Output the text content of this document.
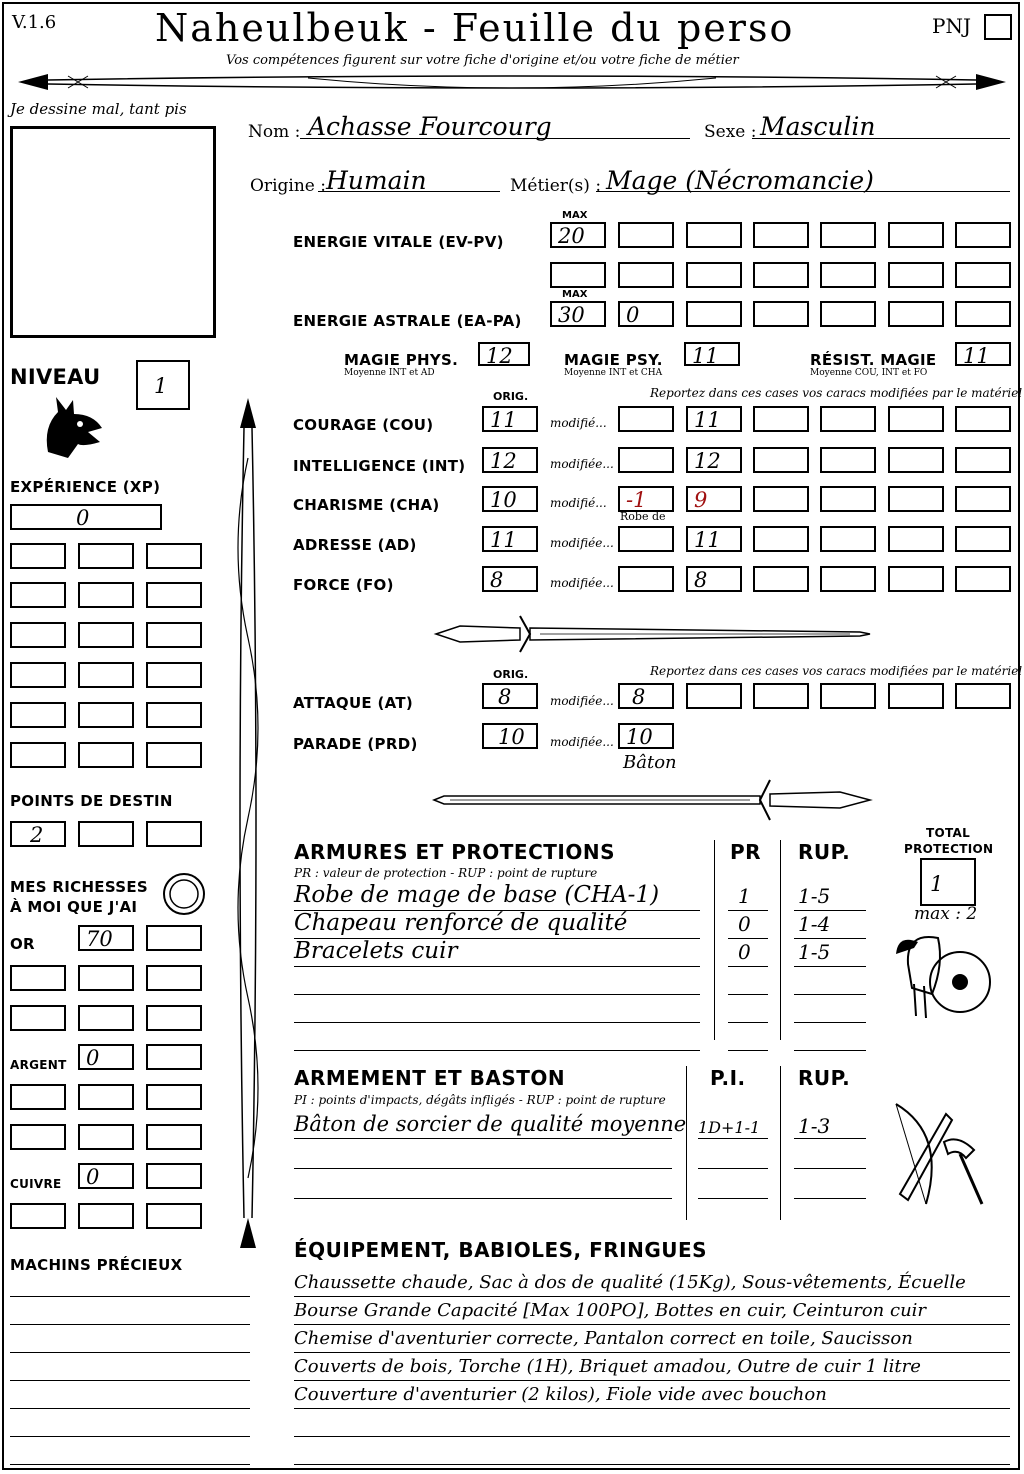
V.1.6	Naheulbeuk - Feuille du perso
Vos compétences figurent sur votre fiche d'origine et/ou votre fiche de métier
PNJ
Je dessine mal, tant pis
Nom : Achasse Fourcourg	Sexe : Masculin
Origine : Humain	Métier(s) : Mage (Nécromancie)
MAX
ENERGIE VITALE (EV-PV)	20
MAX
ENERGIE ASTRALE (EA-PA) 30 0
MAGIE PHYS.
Moyenne INT et AD
12	MAGIE PSY.
Moyenne INT et CHA
11	RÉSIST. MAGIE
Moyenne COU, INT et FO
11
NIVEAU	1
EXPÉRIENCE (XP)
0
POINTS DE DESTIN
2
MES RICHESSES
À MOI QUE J'AI
OR 70
ARGENT 0
CUIVRE 0
MACHINS PRÉCIEUX
ORIG.	Reportez dans ces cases vos caracs modifiées par le matériel
COURAGE (COU)	11	modifié...	11
INTELLIGENCE (INT) 12	modifiée...	12
CHARISME (CHA) 10	modifié... -1 9
Robe de
ADRESSE (AD)	11	modifiée...	11
FORCE (FO)	8	modifiée...	8
ORIG.	Reportez dans ces cases vos caracs modifiées par le matériel
ATTAQUE (AT)	8	modifiée... 8
PARADE (PRD)	10 modifiée... 10
Bâton
ARMURES ET PROTECTIONS
PR : valeur de protection - RUP : point de rupture
PR RUP.
Robe de mage de base (CHA-1)	1 1-5
Chapeau renforcé de qualité	0 1-4
Bracelets cuir	0 1-5
TOTAL
PROTECTION
1
max : 2
ARMEMENT ET BASTON
PI : points d'impacts, dégâts infligés - RUP : point de rupture
P.I.	RUP.
Bâton de sorcier de qualité moyenne 1D+1-1 1-3
ÉQUIPEMENT, BABIOLES, FRINGUES
Chaussette chaude, Sac à dos de qualité (15Kg), Sous-vêtements, Écuelle
Bourse Grande Capacité [Max 100PO], Bottes en cuir, Ceinturon cuir
Chemise d'aventurier correcte, Pantalon correct en toile, Saucisson
Couverts de bois, Torche (1H), Briquet amadou, Outre de cuir 1 litre
Couverture d'aventurier (2 kilos), Fiole vide avec bouchon
